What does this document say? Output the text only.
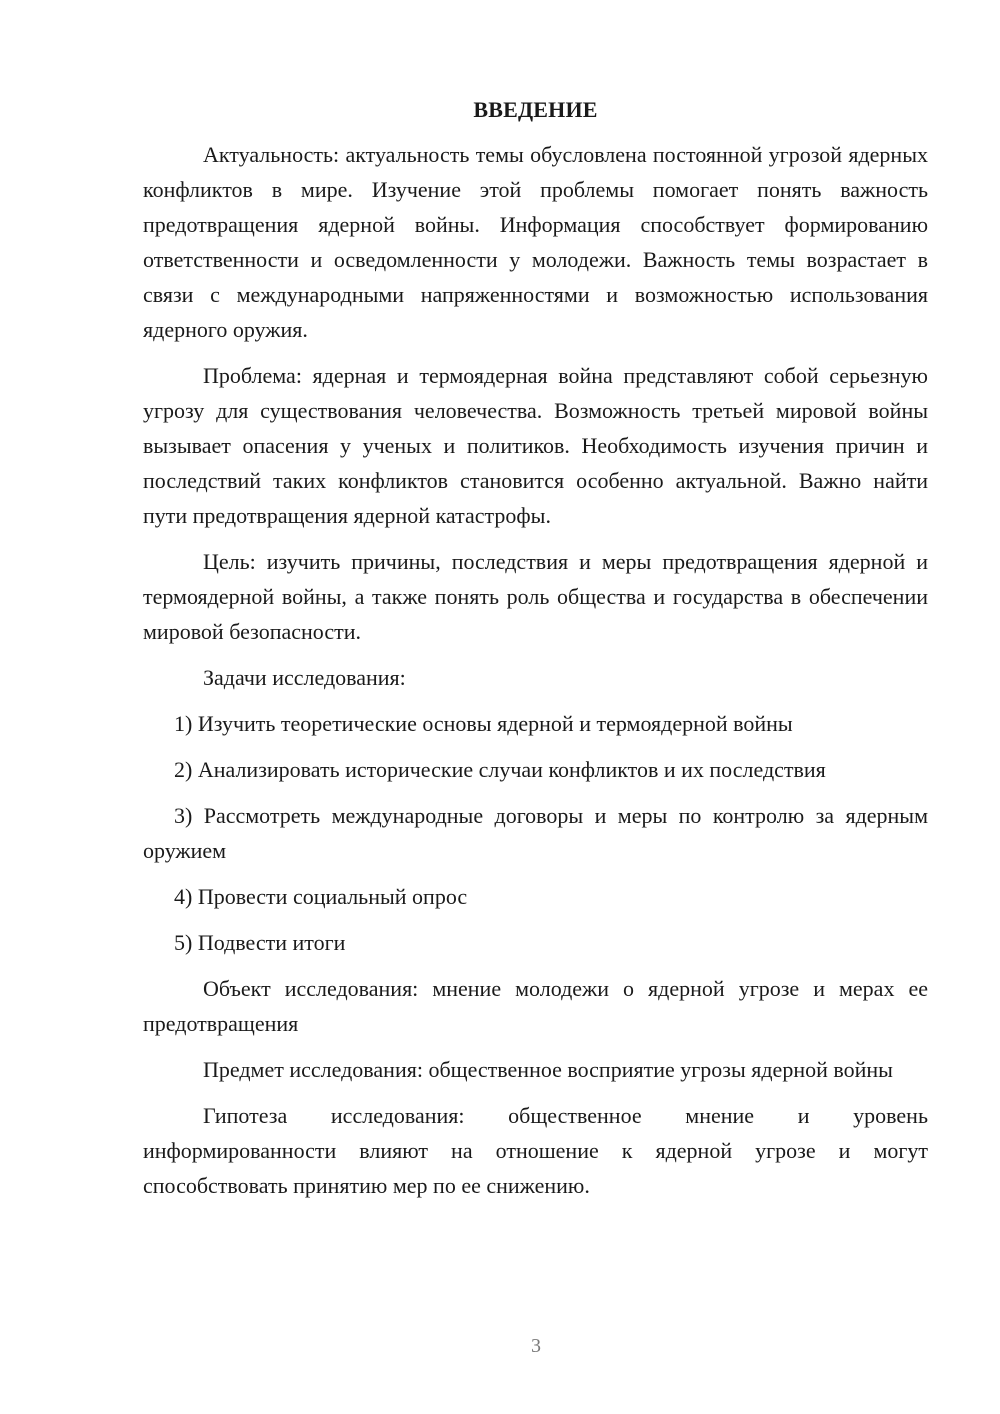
ВВЕДЕНИЕ

Актуальность: актуальность темы обусловлена постоянной угрозой ядерных конфликтов в мире. Изучение этой проблемы помогает понять важность предотвращения ядерной войны. Информация способствует формированию ответственности и осведомленности у молодежи. Важность темы возрастает в связи с международными напряженностями и возможностью использования ядерного оружия.

Проблема: ядерная и термоядерная война представляют собой серьезную угрозу для существования человечества. Возможность третьей мировой войны вызывает опасения у ученых и политиков. Необходимость изучения причин и последствий таких конфликтов становится особенно актуальной. Важно найти пути предотвращения ядерной катастрофы.

Цель: изучить причины, последствия и меры предотвращения ядерной и термоядерной войны, а также понять роль общества и государства в обеспечении мировой безопасности.

Задачи исследования:

1) Изучить теоретические основы ядерной и термоядерной войны

2) Анализировать исторические случаи конфликтов и их последствия

3) Рассмотреть международные договоры и меры по контролю за ядерным оружием

4) Провести социальный опрос

5) Подвести итоги

Объект исследования: мнение молодежи о ядерной угрозе и мерах ее предотвращения

Предмет исследования: общественное восприятие угрозы ядерной войны

Гипотеза исследования: общественное мнение и уровень информированности влияют на отношение к ядерной угрозе и могут способствовать принятию мер по ее снижению.

3
